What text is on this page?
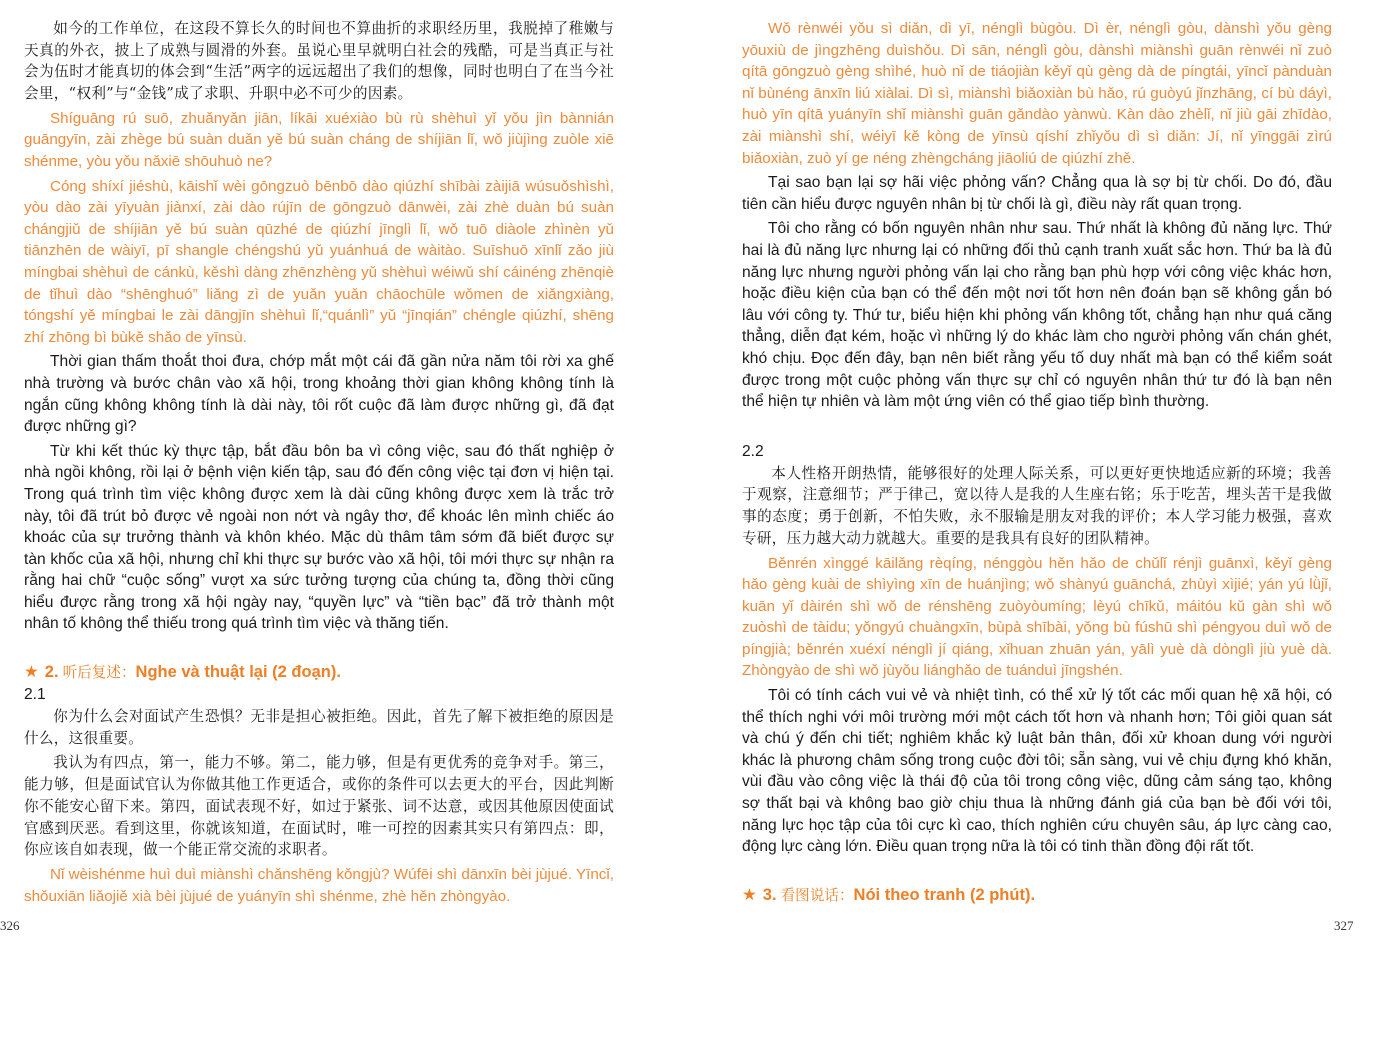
如今的工作单位，在这段不算长久的时间也不算曲折的求职经历里，我脱掉了稚嫩与天真的外衣，披上了成熟与圆滑的外套。虽说心里早就明白社会的残酷，可是当真正与社会为伍时才能真切的体会到“生活”两字的远远超出了我们的想像，同时也明白了在当今社会里，“权利”与“金钱”成了求职、升职中必不可少的因素。

Shíguāng rú suō, zhuǎnyǎn jiān, líkāi xuéxiào bù rù shèhuì yǐ yǒu jìn bànnián guāngyīn, zài zhège bú suàn duǎn yě bú suàn cháng de shíjiān lǐ, wǒ jiùjìng zuòle xiē shénme, yòu yǒu nǎxiē shōuhuò ne?

Cóng shíxí jiéshù, kāishǐ wèi gōngzuò bēnbō dào qiúzhí shībài zàijiā wúsuǒshìshì, yòu dào zài yīyuàn jiànxí, zài dào rújīn de gōngzuò dānwèi, zài zhè duàn bú suàn chángjiǔ de shíjiān yě bú suàn qūzhé de qiúzhí jīnglì lǐ, wǒ tuō diàole zhìnèn yǔ tiānzhēn de wàiyī, pī shangle chéngshú yǔ yuánhuá de wàitào. Suīshuō xīnlǐ zǎo jiù míngbai shèhuì de cánkù, kěshì dàng zhēnzhèng yǔ shèhuì wéiwǔ shí cáinéng zhēnqiè de tǐhuì dào “shēnghuó” liǎng zì de yuǎn yuǎn chāochūle wǒmen de xiǎngxiàng, tóngshí yě míngbai le zài dāngjīn shèhuì lǐ,“quánlì” yǔ “jīnqián” chéngle qiúzhí, shēng zhí zhōng bì bùkě shǎo de yīnsù.

Thời gian thấm thoắt thoi đưa, chớp mắt một cái đã gần nửa năm tôi rời xa ghế nhà trường và bước chân vào xã hội, trong khoảng thời gian không không tính là ngắn cũng không không tính là dài này, tôi rốt cuộc đã làm được những gì, đã đạt được những gì?

Từ khi kết thúc kỳ thực tập, bắt đầu bôn ba vì công việc, sau đó thất nghiệp ở nhà ngồi không, rồi lại ở bệnh viện kiến tập, sau đó đến công việc tại đơn vị hiện tại. Trong quá trình tìm việc không được xem là dài cũng không được xem là trắc trở này, tôi đã trút bỏ được vẻ ngoài non nớt và ngây thơ, để khoác lên mình chiếc áo khoác của sự trưởng thành và khôn khéo. Mặc dù thâm tâm sớm đã biết được sự tàn khốc của xã hội, nhưng chỉ khi thực sự bước vào xã hội, tôi mới thực sự nhận ra rằng hai chữ “cuộc sống” vượt xa sức tưởng tượng của chúng ta, đồng thời cũng hiểu được rằng trong xã hội ngày nay, “quyền lực” và “tiền bạc” đã trở thành một nhân tố không thể thiếu trong quá trình tìm việc và thăng tiến.

★ 2. 听后复述：Nghe và thuật lại (2 đoạn).
2.1

你为什么会对面试产生恐惧？无非是担心被拒绝。因此，首先了解下被拒绝的原因是什么，这很重要。

我认为有四点，第一，能力不够。第二，能力够，但是有更优秀的竞争对手。第三，能力够，但是面试官认为你做其他工作更适合，或你的条件可以去更大的平台，因此判断你不能安心留下来。第四，面试表现不好，如过于紧张、词不达意，或因其他原因使面试官感到厌恶。看到这里，你就该知道，在面试时，唯一可控的因素其实只有第四点：即，你应该自如表现，做一个能正常交流的求职者。

Nǐ wèishénme huì duì miànshì chǎnshēng kǒngjù? Wúfēi shì dānxīn bèi jùjué. Yīncǐ, shǒuxiān liǎojiě xià bèi jùjué de yuányīn shì shénme, zhè hěn zhòngyào.

326

Wǒ rènwéi yǒu sì diǎn, dì yī, nénglì bùgòu. Dì èr, nénglì gòu, dànshì yǒu gèng yōuxiù de jìngzhēng duìshǒu. Dì sān, nénglì gòu, dànshì miànshì guān rènwéi nǐ zuò qítā gōngzuò gèng shìhé, huò nǐ de tiáojiàn kěyǐ qù gèng dà de píngtái, yīncǐ pànduàn nǐ bùnéng ānxīn liú xiàlai. Dì sì, miànshì biǎoxiàn bù hǎo, rú guòyú jǐnzhāng, cí bù dáyì, huò yīn qítā yuányīn shǐ miànshì guān gǎndào yànwù. Kàn dào zhèlǐ, nǐ jiù gāi zhīdào, zài miànshì shí, wéiyī kě kòng de yīnsù qíshí zhǐyǒu dì sì diǎn: Jí, nǐ yīnggāi zìrú biǎoxiàn, zuò yí ge néng zhèngcháng jiāoliú de qiúzhí zhě.

Tại sao bạn lại sợ hãi việc phỏng vấn? Chẳng qua là sợ bị từ chối. Do đó, đầu tiên cần hiểu được nguyên nhân bị từ chối là gì, điều này rất quan trọng.

Tôi cho rằng có bốn nguyên nhân như sau. Thứ nhất là không đủ năng lực. Thứ hai là đủ năng lực nhưng lại có những đối thủ cạnh tranh xuất sắc hơn. Thứ ba là đủ năng lực nhưng người phỏng vấn lại cho rằng bạn phù hợp với công việc khác hơn, hoặc điều kiện của bạn có thể đến một nơi tốt hơn nên đoán bạn sẽ không gắn bó lâu với công ty. Thứ tư, biểu hiện khi phỏng vấn không tốt, chẳng hạn như quá căng thẳng, diễn đạt kém, hoặc vì những lý do khác làm cho người phỏng vấn chán ghét, khó chịu. Đọc đến đây, bạn nên biết rằng yếu tố duy nhất mà bạn có thể kiểm soát được trong một cuộc phỏng vấn thực sự chỉ có nguyên nhân thứ tư đó là bạn nên thể hiện tự nhiên và làm một ứng viên có thể giao tiếp bình thường.

2.2

本人性格开朗热情，能够很好的处理人际关系，可以更好更快地适应新的环境；我善于观察，注意细节；严于律己，宽以待人是我的人生座右铭；乐于吃苦，埋头苦干是我做事的态度；勇于创新，不怕失败，永不服输是朋友对我的评价；本人学习能力极强，喜欢专研，压力越大动力就越大。重要的是我具有良好的团队精神。

Běnrén xìnggé kāilǎng rèqíng, nénggòu hěn hǎo de chǔlǐ rénjì guānxì, kěyǐ gèng hǎo gèng kuài de shìyìng xīn de huánjìng; wǒ shànyú guānchá, zhùyì xìjié; yán yú lǜjǐ, kuān yǐ dàirén shì wǒ de rénshēng zuòyòumíng; lèyú chīkǔ, máitóu kǔ gàn shì wǒ zuòshì de tàidu; yǒngyú chuàngxīn, bùpà shībài, yǒng bù fúshū shì péngyou duì wǒ de píngjià; běnrén xuéxí nénglì jí qiáng, xǐhuan zhuān yán, yālì yuè dà dònglì jiù yuè dà. Zhòngyào de shì wǒ jùyǒu liánghǎo de tuánduì jīngshén.

Tôi có tính cách vui vẻ và nhiệt tình, có thể xử lý tốt các mối quan hệ xã hội, có thể thích nghi với môi trường mới một cách tốt hơn và nhanh hơn; Tôi giỏi quan sát và chú ý đến chi tiết; nghiêm khắc kỷ luật bản thân, đối xử khoan dung với người khác là phương châm sống trong cuộc đời tôi; sẵn sàng, vui vẻ chịu đựng khó khăn, vùi đầu vào công việc là thái độ của tôi trong công việc, dũng cảm sáng tạo, không sợ thất bại và không bao giờ chịu thua là những đánh giá của bạn bè đối với tôi, năng lực học tập của tôi cực kì cao, thích nghiên cứu chuyên sâu, áp lực càng cao, động lực càng lớn. Điều quan trọng nữa là tôi có tinh thần đồng đội rất tốt.

★ 3. 看图说话：Nói theo tranh (2 phút).
327
